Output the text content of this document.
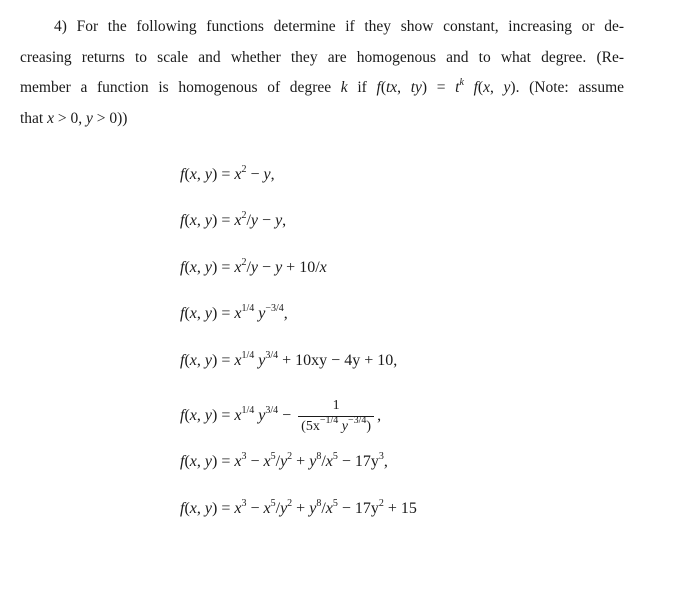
4) For the following functions determine if they show constant, increasing or de-

creasing returns to scale and whether they are homogenous and to what degree. (Re-

member a function is homogenous of degree k if f(tx, $ty) = t^k$ f(x, y). (Note: assume

that x > 0, y > 0))

f(x, $y) = x^2 - y$,
f(x, $y) = x^2/y - y$,
f(x, $y) = x^2/y - y + 10/x$
f(x, $y) = x^{1/4}$ $y^{-3/4}$,
f(x, $y) = x^{1/4}$ $y^{3/4} + 10xy - 4y + 10$,
f(x, $y) = x^{1/4}$ $y^{3/4} - \frac{1}{(5x^{-1/4} y^{-3/4})}$ ,
f(x, $y) = x^3 - x^5/y^2 + y^8/x^5 - 17y^3$,
f(x, $y) = x^3 - x^5/y^2 + y^8/x^5 - 17y^2 + 15$
